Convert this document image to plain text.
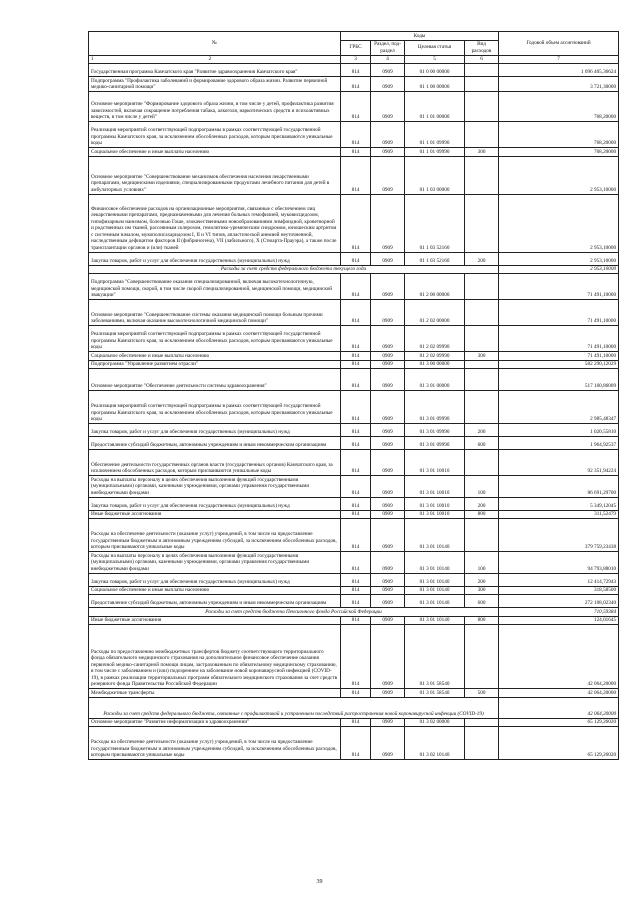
№	Коды				Годовой объем ассигнований
	ГРБС	Раздел, под-раздел	Целевая статья	Вид расходов	
1 2	3	4	5	6	7
Государственная программа Камчатского края "Развитие здравоохранения Камчатского края"	814	0909	01 0 00 00000		1 096 405,36624
Подпрограмма "Профилактика заболеваний и формирование здорового образа жизни. Развитие первичной медико-санитарной помощи"	814	0909	01 1 00 00000		3 721,30000
Основное мероприятие "Формирование здорового образа жизни, в том числе у детей, профилактика развития зависимостей, включая сокращение потребления табака, алкоголя, наркотических средств и психоактивных веществ, в том числе у детей"	814	0909	01 1 01 00000		768,20000
Реализация мероприятий соответствующей подпрограммы в рамках соответствующей государственной программы Камчатского края, за исключением обособленных расходов, которым присваиваются уникальные коды	814	0909	01 1 01 09990		768,20000
Социальное обеспечение и иные выплаты населению	814	0909	01 1 01 09990	300	768,20000
Основное мероприятие "Совершенствование механизмов обеспечения населения лекарственными препаратами, медицинскими изделиями, специализированными продуктами лечебного питания для детей в амбулаторных условиях"	814	0909	01 1 03 00000		2 953,10000
Финансовое обеспечение расходов на организационные мероприятия, связанные с обеспечением лиц лекарственными препаратами, предназначенными для лечения больных гемофилией, муковисцидозом, гипофизарным нанизмом, болезнью Гоше, злокачественными новообразованиями лимфоидной, кроветворной и родственных им тканей, рассеянным склерозом, гемолитико-уремическим синдромом, юношеским артритом с системным началом, мукополисахаридозом I, II и VI типов, апластической анемией неуточненной, наследственным дефицитом факторов II (фибриногена), VII (лабильного), X (Стюарта-Прауэра), а также после трансплантации органов и (или) тканей	814	0909	01 1 03 52160		2 953,10000
Закупка товаров, работ и услуг для обеспечения государственных (муниципальных) нужд	814	0909	01 1 03 52160	200	2 953,10000
Расходы за счет средств федерального бюджета текущего года					2 953,10000
Подпрограмма "Совершенствование оказания специализированной, включая высокотехнологичную, медицинской помощи, скорой, в том числе скорой специализированной, медицинской помощи, медицинской эвакуации"	814	0909	01 2 00 00000		71 491,10000
Основное мероприятие "Совершенствование системы оказания медицинской помощи больным прочими заболеваниями, включая оказание высокотехнологичной медицинской помощи"	814	0909	01 2 02 00000		71 491,10000
Реализация мероприятий соответствующей подпрограммы в рамках соответствующей государственной программы Камчатского края, за исключением обособленных расходов, которым присваиваются уникальные коды	814	0909	01 2 02 09990		71 491,10000
Социальное обеспечение и иные выплаты населению	814	0909	01 2 02 09990	300	71 491,10000
Подпрограмма "Управление развитием отрасли"	814	0909	01 3 00 00000		582 290,12029
Основное мероприятие "Обеспечение деятельности системы здравоохранения"	814	0909	01 3 01 00000		517 160,86009
Реализация мероприятий соответствующей подпрограммы в рамках соответствующей государственной программы Камчатского края, за исключением обособленных расходов, которым присваиваются уникальные коды	814	0909	01 3 01 09990		2 985,48347
Закупка товаров, работ и услуг для обеспечения государственных (муниципальных) нужд	814	0909	01 3 01 09990	200	1 020,55810
Предоставление субсидий бюджетным, автономным учреждениям и иным некоммерческим организациям	814	0909	01 3 01 09990	600	1 964,92537
Обеспечение деятельности государственных органов власти (государственных органов) Камчатского края, за исключением обособленных расходов, которым присваиваются уникальные коды	814	0909	01 3 01 10010		92 351,94224
Расходы на выплаты персоналу в целях обеспечения выполнения функций государственными (муниципальными) органами, казенными учреждениями, органами управления государственными внебюджетными фондами	814	0909	01 3 01 10010	100	86 691,29700
Закупка товаров, работ и услуг для обеспечения государственных (муниципальных) нужд	814	0909	01 3 01 10010	200	5 349,12045
Иные бюджетные ассигнования	814	0909	01 3 01 10010	800	311,52479
Расходы на обеспечение деятельности (оказание услуг) учреждений, в том числе на предоставление государственным бюджетным и автономным учреждениям субсидий, за исключением обособленных расходов, которым присваиваются уникальные коды	814	0909	01 3 01 10140		379 759,23438
Расходы на выплаты персоналу в целях обеспечения выполнения функций государственными (муниципальными) органами, казенными учреждениями, органами управления государственными внебюджетными фондами	814	0909	01 3 01 10140	100	94 793,88010
Закупка товаров, работ и услуг для обеспечения государственных (муниципальных) нужд	814	0909	01 3 01 10140	200	12 414,72943
Социальное обеспечение и иные выплаты населению	814	0909	01 3 01 10140	300	318,58500
Предоставление субсидий бюджетным, автономным учреждениям и иным некоммерческим организациям	814	0909	01 3 01 10140	600	272 108,02340
Расходы за счет средств бюджета Пенсионного фонда Российской Федерации					710,59384
Иные бюджетные ассигнования	814	0909	01 3 01 10140	800	124,01645
Расходы по предоставлению межбюджетных трансфертов бюджету соответствующего территориального фонда обязательного медицинского страхования на дополнительное финансовое обеспечение оказания первичной медико-санитарной помощи лицам, застрахованным по обязательному медицинскому страхованию, в том числе с заболеванием и (или) подозрением на заболевание новой коронавирусной инфекцией (COVID-19), в рамках реализации территориальных программ обязательного медицинского страхования за счет средств резервного фонда Правительства Российской Федерации	814	0909	01 3 01 58540		42 064,20000
Межбюджетные трансферты	814	0909	01 3 01 58540	500	42 064,20000
Расходы за счет средств федерального бюджета, связанные с профилактикой и устранением последствий распространения новой коронавирусной инфекции (COVID-19)					42 064,20000
Основное мероприятие "Развитие информатизации в здравоохранении"	814	0909	01 3 02 00000		65 129,26020
Расходы на обеспечение деятельности (оказание услуг) учреждений, в том числе на предоставление государственным бюджетным и автономным учреждениям субсидий, за исключением обособленных расходов, которым присваиваются уникальные коды	814	0909	01 3 02 10140		65 129,26020
39
